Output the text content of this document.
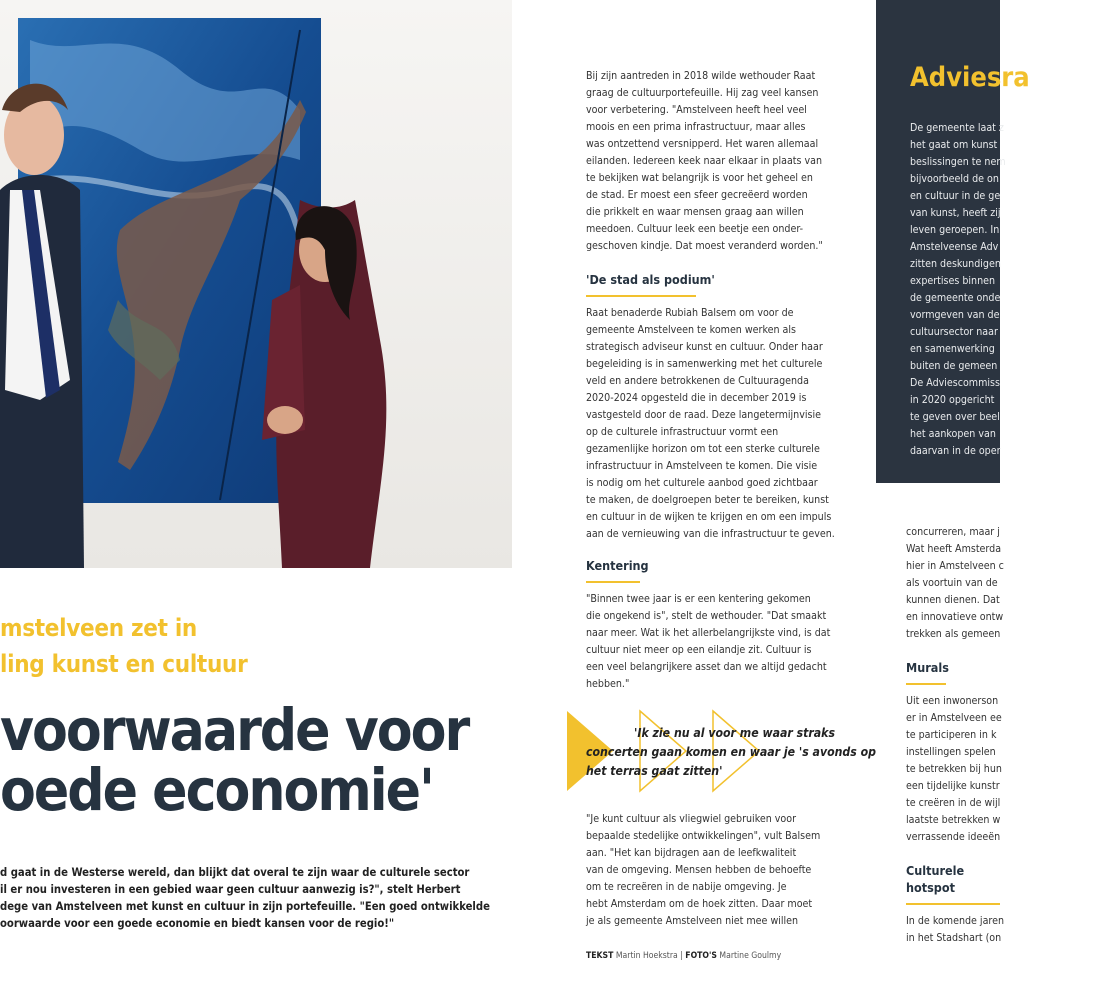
mstelveen zet in
ling kunst en cultuur
voorwaarde voor
oede economie'
d gaat in de Westerse wereld, dan blijkt dat overal te zijn waar de culturele sector
il er nou investeren in een gebied waar geen cultuur aanwezig is?", stelt Herbert
dege van Amstelveen met kunst en cultuur in zijn portefeuille. "Een goed ontwikkelde
oorwaarde voor een goede economie en biedt kansen voor de regio!"

Bij zijn aantreden in 2018 wilde wethouder Raat
graag de cultuurportefeuille. Hij zag veel kansen
voor verbetering. "Amstelveen heeft heel veel
moois en een prima infrastructuur, maar alles
was ontzettend versnipperd. Het waren allemaal
eilanden. Iedereen keek naar elkaar in plaats van
te bekijken wat belangrijk is voor het geheel en
de stad. Er moest een sfeer gecreëerd worden
die prikkelt en waar mensen graag aan willen
meedoen. Cultuur leek een beetje een onder-
geschoven kindje. Dat moest veranderd worden."

'De stad als podium'

Raat benaderde Rubiah Balsem om voor de
gemeente Amstelveen te komen werken als
strategisch adviseur kunst en cultuur. Onder haar
begeleiding is in samenwerking met het culturele
veld en andere betrokkenen de Cultuuragenda
2020-2024 opgesteld die in december 2019 is
vastgesteld door de raad. Deze langetermijnvisie
op de culturele infrastructuur vormt een
gezamenlijke horizon om tot een sterke culturele
infrastructuur in Amstelveen te komen. Die visie
is nodig om het culturele aanbod goed zichtbaar
te maken, de doelgroepen beter te bereiken, kunst
en cultuur in de wijken te krijgen en om een impuls
aan de vernieuwing van die infrastructuur te geven.

Kentering

"Binnen twee jaar is er een kentering gekomen
die ongekend is", stelt de wethouder. "Dat smaakt
naar meer. Wat ik het allerbelangrijkste vind, is dat
cultuur niet meer op een eilandje zit. Cultuur is
een veel belangrijkere asset dan we altijd gedacht
hebben."

'Ik zie nu al voor me waar straks
concerten gaan komen en waar je 's avonds op
het terras gaat zitten'

"Je kunt cultuur als vliegwiel gebruiken voor
bepaalde stedelijke ontwikkelingen", vult Balsem
aan. "Het kan bijdragen aan de leefkwaliteit
van de omgeving. Mensen hebben de behoefte
om te recreëren in de nabije omgeving. Je
hebt Amsterdam om de hoek zitten. Daar moet
je als gemeente Amstelveen niet mee willen

TEKST Martin Hoekstra | FOTO'S Martine Goulmy
Adviesra
De gemeente laat z
het gaat om kunst
beslissingen te nem
bijvoorbeeld de on
en cultuur in de ge
van kunst, heeft zij
leven geroepen. In
Amstelveense Adv
zitten deskundigen
expertises binnen
de gemeente onde
vormgeven van de
cultuursector naar
en samenwerking
buiten de gemeen
De Adviescommiss
in 2020 opgericht
te geven over beel
het aankopen van
daarvan in de oper
concurreren, maar j
Wat heeft Amsterda
hier in Amstelveen c
als voortuin van de
kunnen dienen. Dat
en innovatieve ontw
trekken als gemeen
Murals
Uit een inwonerson
er in Amstelveen ee
te participeren in k
instellingen spelen
te betrekken bij hun
een tijdelijke kunstr
te creëren in de wijl
laatste betrekken w
verrassende ideeën
Culturele hotspot
In de komende jaren
in het Stadshart (on
